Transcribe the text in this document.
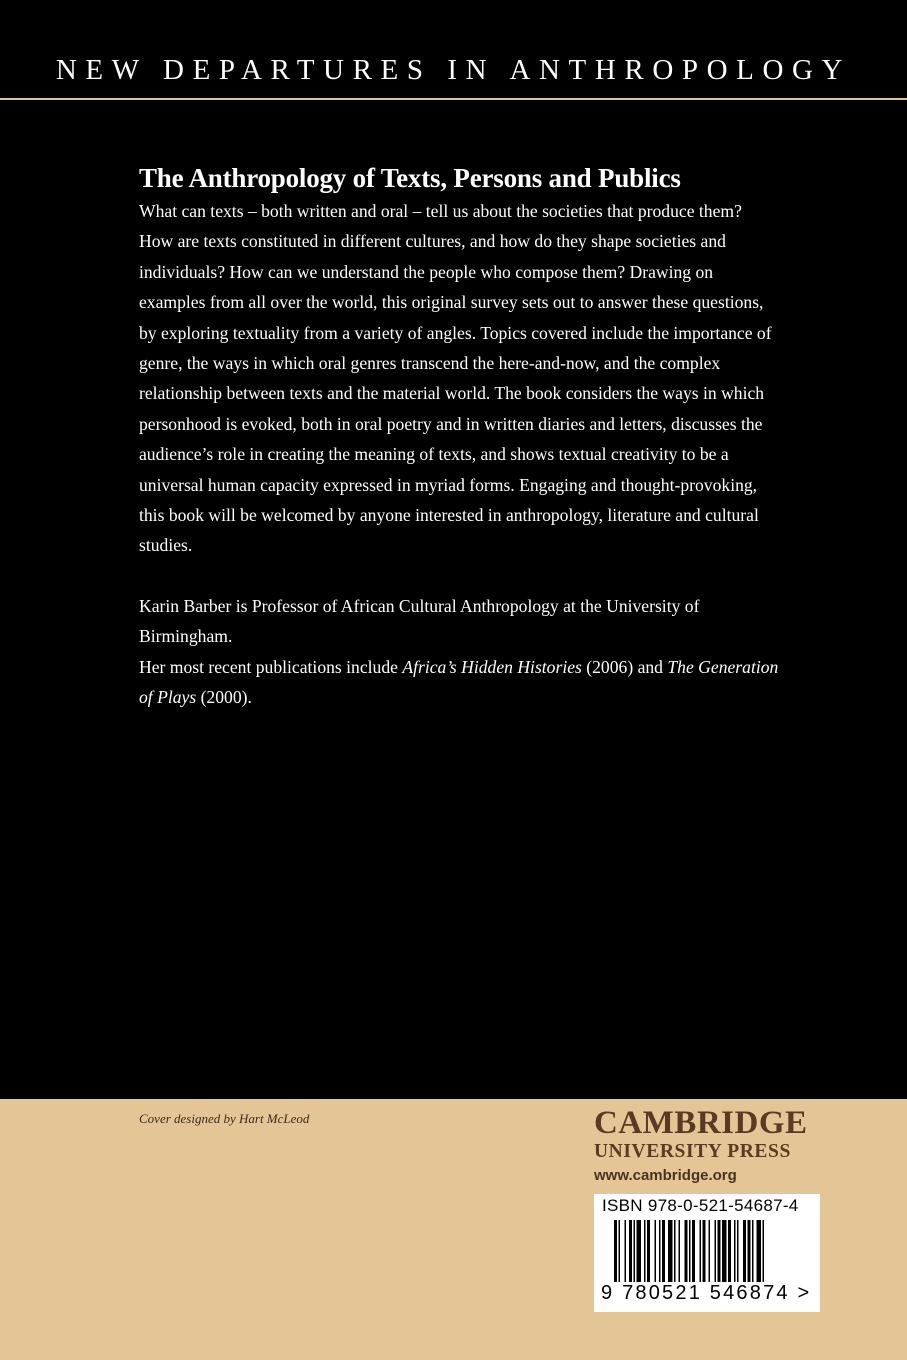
NEW DEPARTURES IN ANTHROPOLOGY
The Anthropology of Texts, Persons and Publics

What can texts – both written and oral – tell us about the societies that produce them? How are texts constituted in different cultures, and how do they shape societies and individuals? How can we understand the people who compose them? Drawing on examples from all over the world, this original survey sets out to answer these questions, by exploring textuality from a variety of angles. Topics covered include the importance of genre, the ways in which oral genres transcend the here-and-now, and the complex relationship between texts and the material world. The book considers the ways in which personhood is evoked, both in oral poetry and in written diaries and letters, discusses the audience’s role in creating the meaning of texts, and shows textual creativity to be a universal human capacity expressed in myriad forms. Engaging and thought-provoking, this book will be welcomed by anyone interested in anthropology, literature and cultural studies.

Karin Barber is Professor of African Cultural Anthropology at the University of Birmingham.

Her most recent publications include Africa’s Hidden Histories (2006) and The Generation of Plays (2000).

Cover designed by Hart McLeod	CAMBRIDGE
UNIVERSITY PRESS
www.cambridge.org
ISBN 978-0-521-54687-4
9 780521 546874 >
